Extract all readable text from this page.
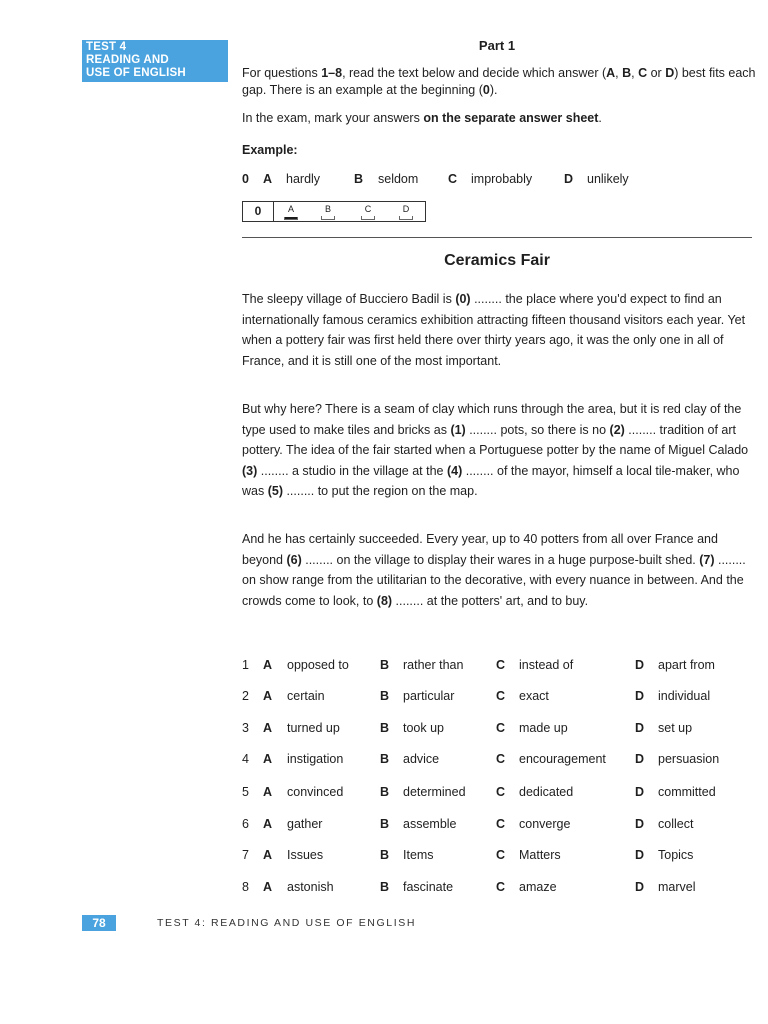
TEST 4
READING AND
USE OF ENGLISH
Part 1
For questions 1–8, read the text below and decide which answer (A, B, C or D) best fits each gap. There is an example at the beginning (0).
In the exam, mark your answers on the separate answer sheet.
Example:
0 A hardly	B seldom C improbably	D unlikely
0	A	B	C	D
Ceramics Fair
The sleepy village of Bucciero Badil is (0) ........ the place where you'd expect to find an internationally famous ceramics exhibition attracting fifteen thousand visitors each year. Yet when a pottery fair was first held there over thirty years ago, it was the only one in all of France, and it is still one of the most important.
But why here? There is a seam of clay which runs through the area, but it is red clay of the type used to make tiles and bricks as (1) ........ pots, so there is no (2) ........ tradition of art pottery. The idea of the fair started when a Portuguese potter by the name of Miguel Calado (3) ........ a studio in the village at the (4) ........ of the mayor, himself a local tile-maker, who was (5) ........ to put the region on the map.
And he has certainly succeeded. Every year, up to 40 potters from all over France and beyond (6) ........ on the village to display their wares in a huge purpose-built shed. (7) ........ on show range from the utilitarian to the decorative, with every nuance in between. And the crowds come to look, to (8) ........ at the potters' art, and to buy.
1 A opposed to B rather than	C instead of	D apart from
2 A certain	B particular	C exact	D individual
3 A turned up	B took up	C made up	D set up
4 A instigation	B advice	C encouragement D persuasion
5 A convinced	B determined C dedicated	D committed
6 A gather	B assemble	C converge	D collect
7 A Issues	B Items	C Matters	D Topics
8 A astonish	B fascinate	C amaze	D marvel
78	TEST 4: READING AND USE OF ENGLISH
